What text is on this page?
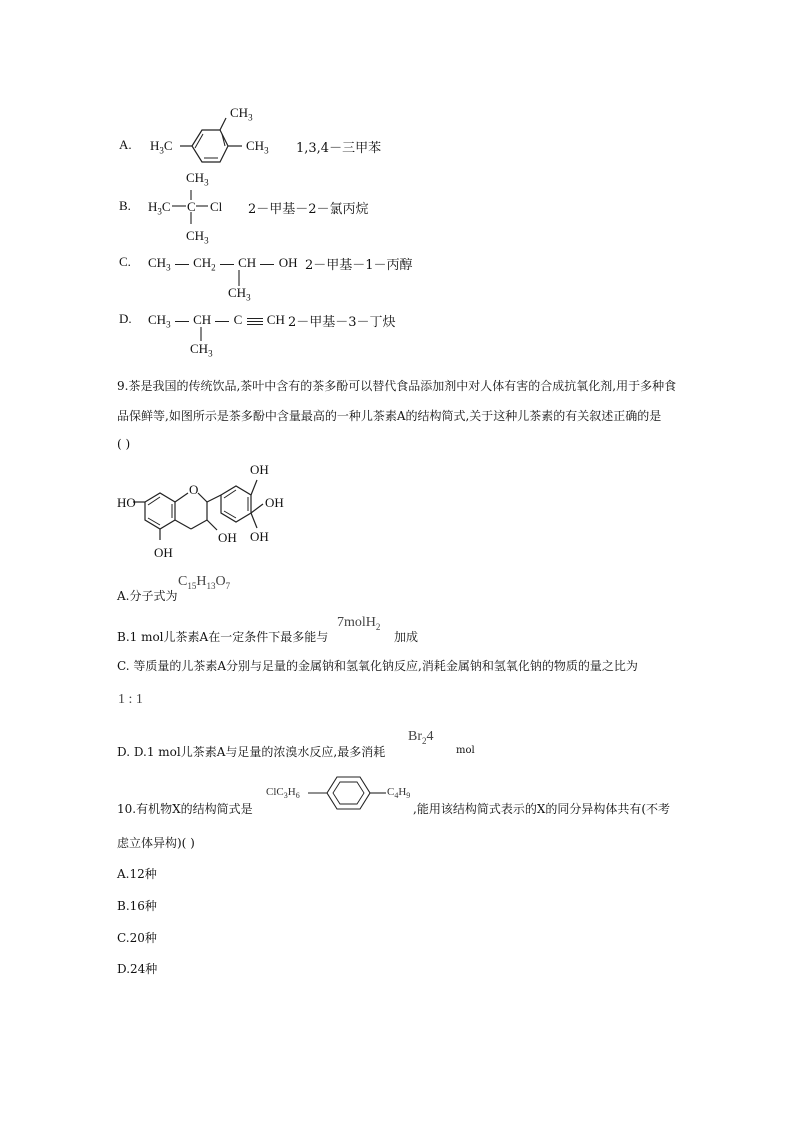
A. $H_3C$
$CH_3$
$CH_3$ 1,3,4－三甲苯
B.
$CH_3$
$H_3C$ C Cl
$CH_3$
2－甲基－2－氯丙烷
C. $CH_3$ $CH_2$ CH OH
$CH_3$
2－甲基－1－丙醇
D. $CH_3$ CH C CH
$CH_3$
2－甲基－3－丁炔
9.茶是我国的传统饮品,茶叶中含有的茶多酚可以替代食品添加剂中对人体有害的合成抗氧化剂,用于多种食
品保鲜等,如图所示是茶多酚中含量最高的一种儿茶素A的结构简式,关于这种儿茶素的有关叙述正确的是
( )
HO
O
OH
OH
OH OH
OH
A.分子式为
$C_{15}H_{13}O_7$
B.1 mol儿茶素A在一定条件下最多能与
7molH$_2$
加成
C. 等质量的儿茶素A分别与足量的金属钠和氢氧化钠反应,消耗金属钠和氢氧化钠的物质的量之比为
1 : 1
D. D.1 mol儿茶素A与足量的浓溴水反应,最多消耗
$Br_24$
mol
10.有机物X的结构简式是
$ClC_3H_6$	$C_4H_9$
,能用该结构简式表示的X的同分异构体共有(不考
虑立体异构)( )
A.12种
B.16种
C.20种
D.24种
